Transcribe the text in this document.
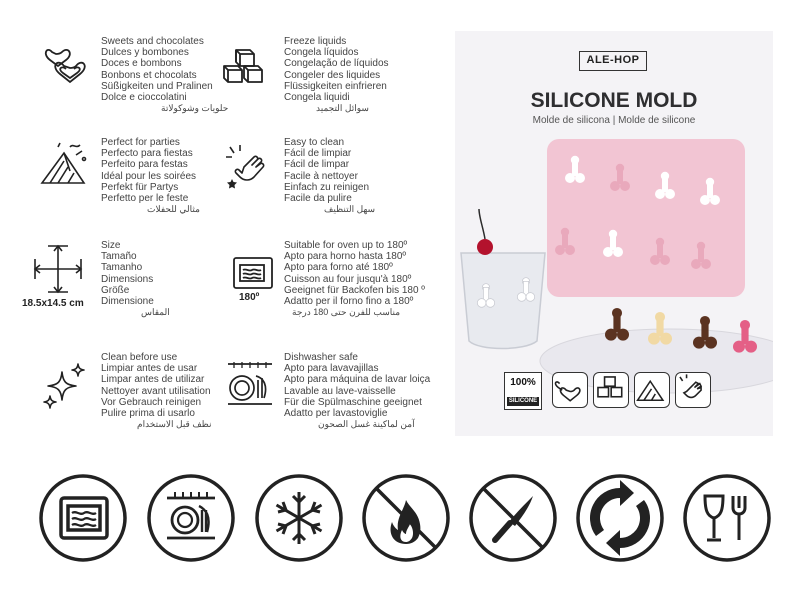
Sweets and chocolates
Dulces y bombones
Doces e bombons
Bonbons et chocolats
Süßigkeiten und Pralinen
Dolce e cioccolatini
حلويات وشوكولاتة
Freeze liquids
Congela líquidos
Congelação de líquidos
Congeler des liquides
Flüssigkeiten einfrieren
Congela liquidi
سوائل التجميد
Perfect for parties
Perfecto para fiestas
Perfeito para festas
Idéal pour les soirées
Perfekt für Partys
Perfetto per le feste
مثالي للحفلات
Easy to clean
Fácil de limpiar
Fácil de limpar
Facile à nettoyer
Einfach zu reinigen
Facile da pulire
سهل التنظيف
18.5x14.5 cm
Size
Tamaño
Tamanho
Dimensions
Größe
Dimensione
المقاس
180º
Suitable for oven up to 180º
Apto para horno hasta 180º
Apto para forno até 180º
Cuisson au four jusqu'à 180º
Geeignet für Backofen bis 180 º
Adatto per il forno fino a 180º
مناسب للفرن حتى 180 درجة
Clean before use
Limpiar antes de usar
Limpar antes de utilizar
Nettoyer avant utilisation
Vor Gebrauch reinigen
Pulire prima di usarlo
نظف قبل الاستخدام
Dishwasher safe
Apto para lavavajillas
Apto para máquina de lavar loiça
Lavable au lave-vaisselle
Für die Spülmaschine geeignet
Adatto per lavastoviglie
آمن لماكينة غسل الصحون
ALE-HOP
SILICONE MOLD
Molde de silicona | Molde de silicone
100%
SILICONE
